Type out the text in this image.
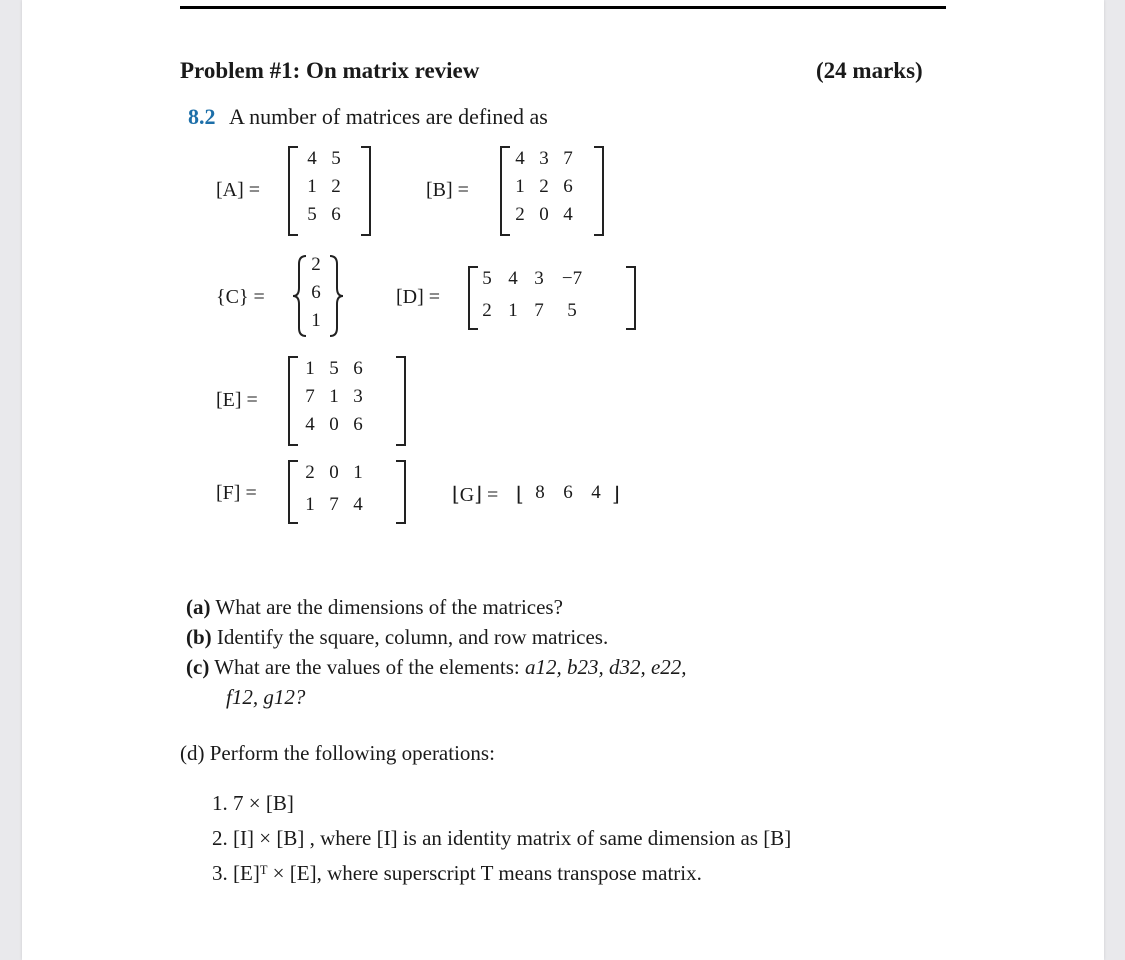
Problem #1: On matrix review	(24 marks)
8.2 A number of matrices are defined as
[A] =
4 5
1 2
5 6
[B] =
4 3 7
1 2 6
2 0 4
{C} =
2
6
1
[D] =
5 4 3 −7
2 1 7	5
[E] =
1 5 6
7 1 3
4 0 6
[F] =
2 0 1
1 7 4	⌊G⌋ = ⌊ 8 6 4 ⌋
(a) What are the dimensions of the matrices?
(b) Identify the square, column, and row matrices.
(c) What are the values of the elements: a12, b23, d32, e22,
f12, g12?
(d) Perform the following operations:
1. 7 × [B]
2. [I] × [B] , where [I] is an identity matrix of same dimension as [B]
3. [E]ᵀ × [E], where superscript T means transpose matrix.
